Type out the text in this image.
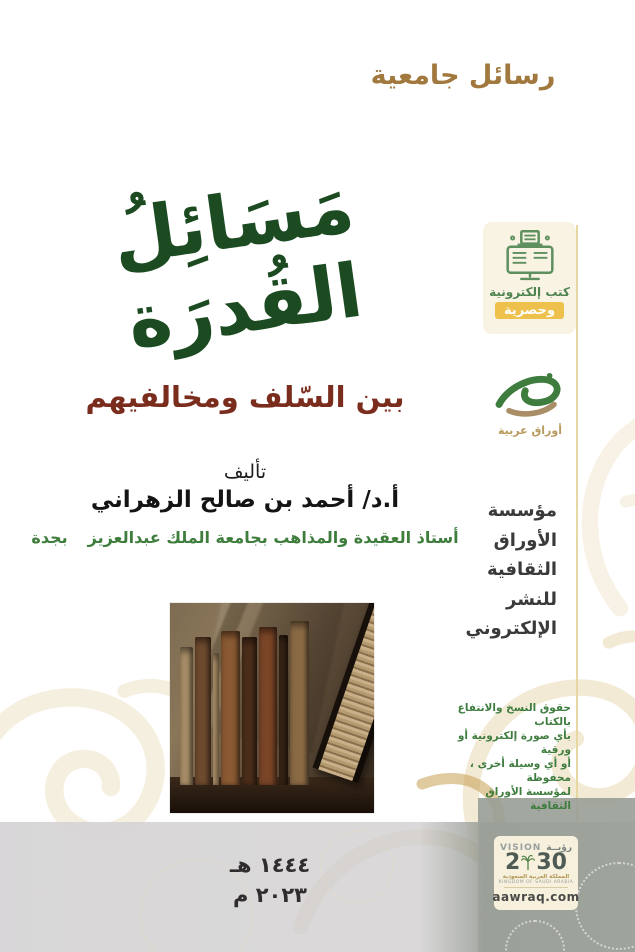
رسائل جامعية
مَسَائِلُ القُدرَة
بين السّلف ومخالفيهم
تأليف
أ.د/ أحمد بن صالح الزهراني
أستاذ العقيدة والمذاهب بجامعة الملك عبدالعزيز
بجدة
كتب إلكترونية
وحصرية
أوراق عربية
مؤسسة
الأوراق
الثقافية
للنشر
الإلكتروني
حقوق النسخ والانتفاع بالكتاب
بأي صورة إلكترونية أو ورقية
أو أي وسيلة أخرى ، محفوظة
لمؤسسة الأوراق الثقافية
١٤٤٤ هـ
٢٠٢٣ م
VISION رؤيــة
2 30
المملكة العربية السعودية
KINGDOM OF SAUDI ARABIA
aawraq.com
